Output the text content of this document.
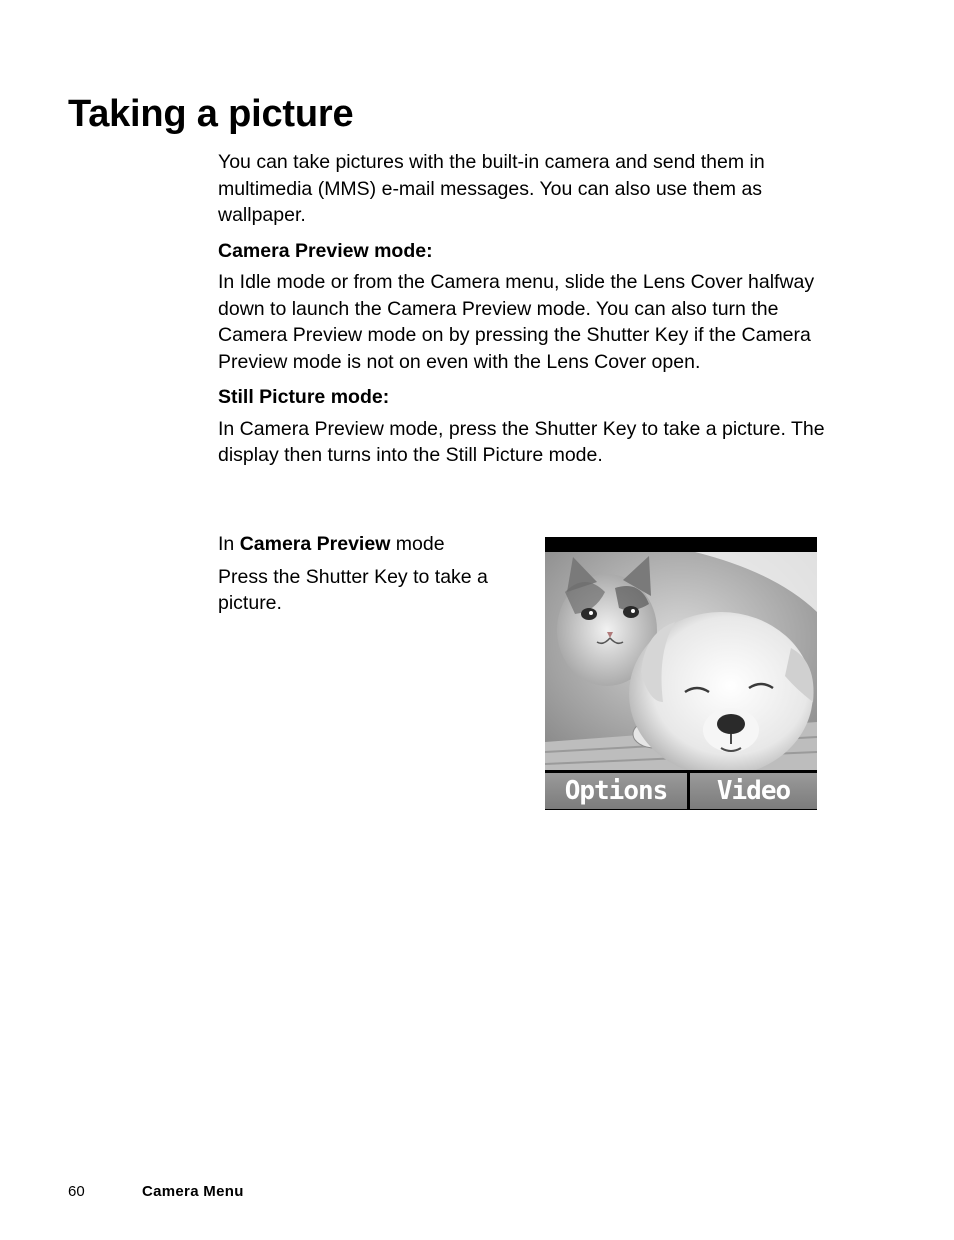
Taking a picture

You can take pictures with the built-in camera and send them in multimedia (MMS) e-mail messages. You can also use them as wallpaper.

Camera Preview mode:

In Idle mode or from the Camera menu, slide the Lens Cover halfway down to launch the Camera Preview mode. You can also turn the Camera Preview mode on by pressing the Shutter Key if the Camera Preview mode is not on even with the Lens Cover open.

Still Picture mode:

In Camera Preview mode, press the Shutter Key to take a picture. The display then turns into the Still Picture mode.

In Camera Preview mode

Press the Shutter Key to take a picture.

Options	Video
60	Camera Menu
